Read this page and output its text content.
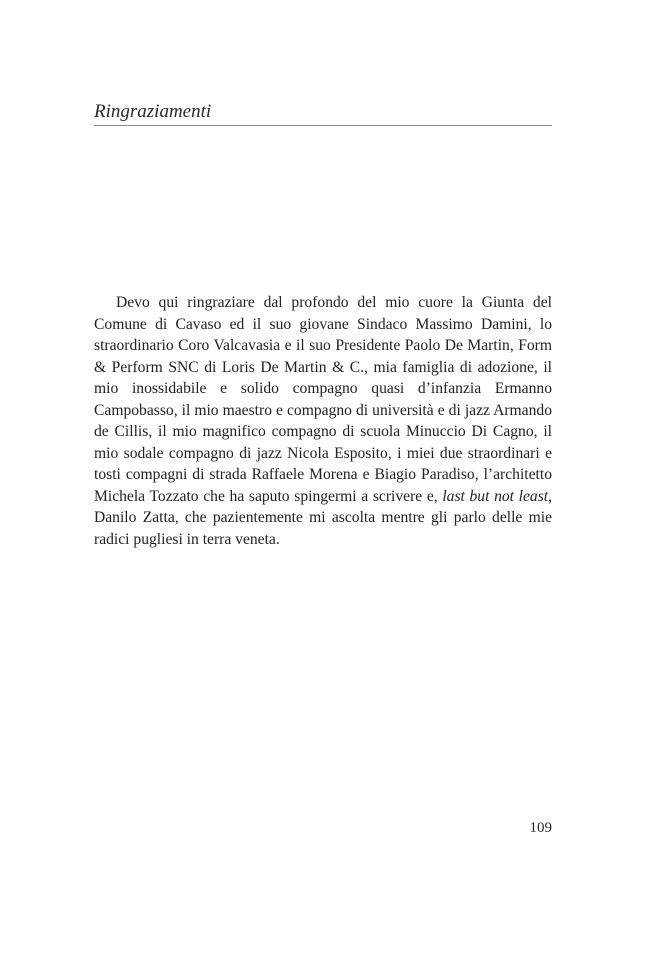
Ringraziamenti

Devo qui ringraziare dal profondo del mio cuore la Giunta del Comune di Cavaso ed il suo giovane Sindaco Massimo Damini, lo straordinario Coro Valcavasia e il suo Presidente Paolo De Martin, Form & Perform SNC di Loris De Martin & C., mia famiglia di adozione, il mio inossidabile e solido compagno quasi d’infanzia Ermanno Campobasso, il mio maestro e compagno di università e di jazz Armando de Cillis, il mio magnifico compagno di scuola Minuccio Di Cagno, il mio sodale compagno di jazz Nicola Esposito, i miei due straordinari e tosti compagni di strada Raffaele Morena e Biagio Paradiso, l’architetto Michela Tozzato che ha saputo spingermi a scrivere e, last but not least, Danilo Zatta, che pazientemente mi ascolta mentre gli parlo delle mie radici pugliesi in terra veneta.

109
